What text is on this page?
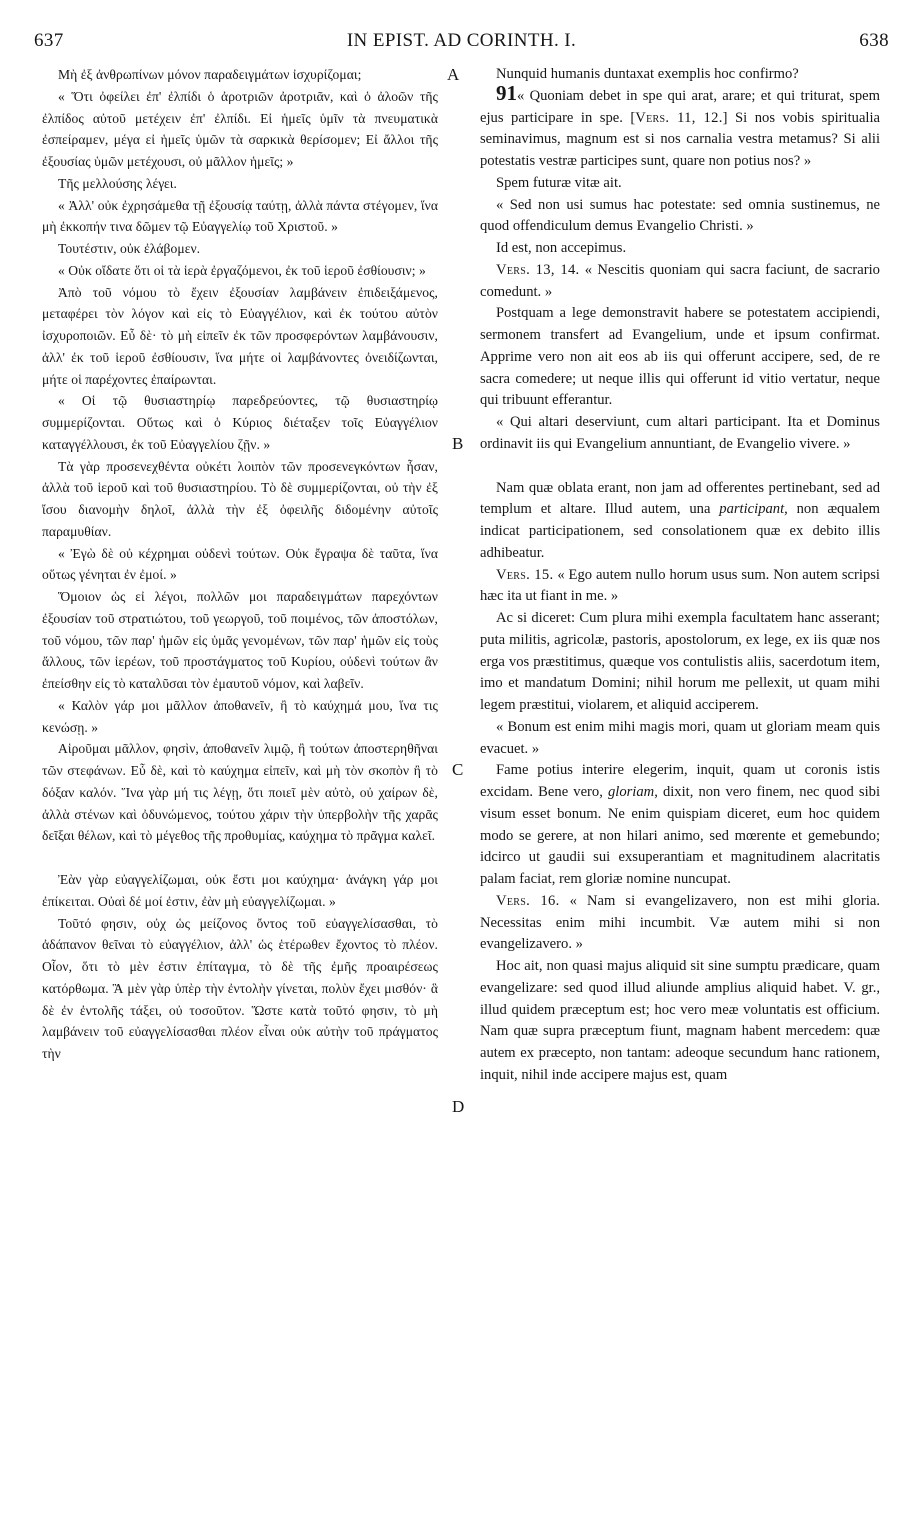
637	IN EPIST. AD CORINTH. I.	638
A
B
C
D

Μὴ ἐξ ἀνθρωπίνων μόνον παραδειγμάτων ἰσχυρίζομαι;

« Ὅτι ὀφείλει ἐπ' ἐλπίδι ὁ ἀροτριῶν ἀροτριᾶν, καὶ ὁ ἀλοῶν τῆς ἐλπίδος αὐτοῦ μετέχειν ἐπ' ἐλπίδι. Εἰ ἡμεῖς ὑμῖν τὰ πνευματικὰ ἐσπείραμεν, μέγα εἰ ἡμεῖς ὑμῶν τὰ σαρκικὰ θερίσομεν; Εἰ ἄλλοι τῆς ἐξουσίας ὑμῶν μετέχουσι, οὐ μᾶλλον ἡμεῖς; »

Τῆς μελλούσης λέγει.

« Ἀλλ' οὐκ ἐχρησάμεθα τῇ ἐξουσίᾳ ταύτῃ, ἀλλὰ πάντα στέγομεν, ἵνα μὴ ἐκκοπήν τινα δῶμεν τῷ Εὐαγγελίῳ τοῦ Χριστοῦ. »

Τουτέστιν, οὐκ ἐλάβομεν.

« Οὐκ οἴδατε ὅτι οἱ τὰ ἱερὰ ἐργαζόμενοι, ἐκ τοῦ ἱεροῦ ἐσθίουσιν; »

Ἀπὸ τοῦ νόμου τὸ ἔχειν ἐξουσίαν λαμβάνειν ἐπιδειξάμενος, μεταφέρει τὸν λόγον καὶ εἰς τὸ Εὐαγγέλιον, καὶ ἐκ τούτου αὐτὸν ἰσχυροποιῶν. Εὖ δὲ· τὸ μὴ εἰπεῖν ἐκ τῶν προσφερόντων λαμβάνουσιν, ἀλλ' ἐκ τοῦ ἱεροῦ ἐσθίουσιν, ἵνα μήτε οἱ λαμβάνοντες ὀνειδίζωνται, μήτε οἱ παρέχοντες ἐπαίρωνται.

« Οἱ τῷ θυσιαστηρίῳ παρεδρεύοντες, τῷ θυσιαστηρίῳ συμμερίζονται. Οὕτως καὶ ὁ Κύριος διέταξεν τοῖς Εὐαγγέλιον καταγγέλλουσι, ἐκ τοῦ Εὐαγγελίου ζῇν. »

Τὰ γὰρ προσενεχθέντα οὐκέτι λοιπὸν τῶν προσενεγκόντων ἦσαν, ἀλλὰ τοῦ ἱεροῦ καὶ τοῦ θυσιαστηρίου. Τὸ δὲ συμμερίζονται, οὐ τὴν ἐξ ἴσου διανομὴν δηλοῖ, ἀλλὰ τὴν ἐξ ὀφειλῆς διδομένην αὐτοῖς παραμυθίαν.

« Ἐγὼ δὲ οὐ κέχρημαι οὐδενὶ τούτων. Οὐκ ἔγραψα δὲ ταῦτα, ἵνα οὕτως γένηται ἐν ἐμοί. »

Ὅμοιον ὡς εἰ λέγοι, πολλῶν μοι παραδειγμάτων παρεχόντων ἐξουσίαν τοῦ στρατιώτου, τοῦ γεωργοῦ, τοῦ ποιμένος, τῶν ἀποστόλων, τοῦ νόμου, τῶν παρ' ἡμῶν εἰς ὑμᾶς γενομένων, τῶν παρ' ἡμῶν εἰς τοὺς ἄλλους, τῶν ἱερέων, τοῦ προστάγματος τοῦ Κυρίου, οὐδενὶ τούτων ἂν ἐπείσθην εἰς τὸ καταλῦσαι τὸν ἐμαυτοῦ νόμον, καὶ λαβεῖν.

« Καλὸν γάρ μοι μᾶλλον ἀποθανεῖν, ἢ τὸ καύχημά μου, ἵνα τις κενώσῃ. »

Αἱροῦμαι μᾶλλον, φησὶν, ἀποθανεῖν λιμῷ, ἢ τούτων ἀποστερηθῆναι τῶν στεφάνων. Εὖ δὲ, καὶ τὸ καύχημα εἰπεῖν, καὶ μὴ τὸν σκοπὸν ἢ τὸ δόξαν καλόν. Ἵνα γὰρ μή τις λέγῃ, ὅτι ποιεῖ μὲν αὐτὸ, οὐ χαίρων δὲ, ἀλλὰ στένων καὶ ὀδυνώμενος, τούτου χάριν τὴν ὑπερβολὴν τῆς χαρᾶς δεῖξαι θέλων, καὶ τὸ μέγεθος τῆς προθυμίας, καύχημα τὸ πρᾶγμα καλεῖ.

Ἐὰν γὰρ εὐαγγελίζωμαι, οὐκ ἔστι μοι καύχημα· ἀνάγκη γάρ μοι ἐπίκειται. Οὐαὶ δέ μοί ἐστιν, ἐὰν μὴ εὐαγγελίζωμαι. »

Τοῦτό φησιν, οὐχ ὡς μείζονος ὄντος τοῦ εὐαγγελίσασθαι, τὸ ἀδάπανον θεῖναι τὸ εὐαγγέλιον, ἀλλ' ὡς ἑτέρωθεν ἔχοντος τὸ πλέον. Οἷον, ὅτι τὸ μὲν ἐστιν ἐπίταγμα, τὸ δὲ τῆς ἐμῆς προαιρέσεως κατόρθωμα. Ἃ μὲν γὰρ ὑπὲρ τὴν ἐντολὴν γίνεται, πολὺν ἔχει μισθόν· ἃ δὲ ἐν ἐντολῆς τάξει, οὐ τοσοῦτον. Ὥστε κατὰ τοῦτό φησιν, τὸ μὴ λαμβάνειν τοῦ εὐαγγελίσασθαι πλέον εἶναι οὐκ αὐτὴν τοῦ πράγματος τὴν

Nunquid humanis duntaxat exemplis hoc confirmo?

91« Quoniam debet in spe qui arat, arare; et qui triturat, spem ejus participare in spe. [Vers. 11, 12.] Si nos vobis spiritualia seminavimus, magnum est si nos carnalia vestra metamus? Si alii potestatis vestræ participes sunt, quare non potius nos? »

Spem futuræ vitæ ait.

« Sed non usi sumus hac potestate: sed omnia sustinemus, ne quod offendiculum demus Evangelio Christi. »

Id est, non accepimus.

Vers. 13, 14. « Nescitis quoniam qui sacra faciunt, de sacrario comedunt. »

Postquam a lege demonstravit habere se potestatem accipiendi, sermonem transfert ad Evangelium, unde et ipsum confirmat. Apprime vero non ait eos ab iis qui offerunt accipere, sed, de re sacra comedere; ut neque illis qui offerunt id vitio vertatur, neque qui tribuunt efferantur.

« Qui altari deserviunt, cum altari participant. Ita et Dominus ordinavit iis qui Evangelium annuntiant, de Evangelio vivere. »

Nam quæ oblata erant, non jam ad offerentes pertinebant, sed ad templum et altare. Illud autem, una participant, non æqualem indicat participationem, sed consolationem quæ ex debito illis adhibeatur.

Vers. 15. « Ego autem nullo horum usus sum. Non autem scripsi hæc ita ut fiant in me. »

Ac si diceret: Cum plura mihi exempla facultatem hanc asserant; puta militis, agricolæ, pastoris, apostolorum, ex lege, ex iis quæ nos erga vos præstitimus, quæque vos contulistis aliis, sacerdotum item, imo et mandatum Domini; nihil horum me pellexit, ut quam mihi legem præstitui, violarem, et aliquid acciperem.

« Bonum est enim mihi magis mori, quam ut gloriam meam quis evacuet. »

Fame potius interire elegerim, inquit, quam ut coronis istis excidam. Bene vero, gloriam, dixit, non vero finem, nec quod sibi visum esset bonum. Ne enim quispiam diceret, eum hoc quidem modo se gerere, at non hilari animo, sed mœrente et gemebundo; idcirco ut gaudii sui exsuperantiam et magnitudinem alacritatis palam faciat, rem gloriæ nomine nuncupat.

Vers. 16. « Nam si evangelizavero, non est mihi gloria. Necessitas enim mihi incumbit. Væ autem mihi si non evangelizavero. »

Hoc ait, non quasi majus aliquid sit sine sumptu prædicare, quam evangelizare: sed quod illud aliunde amplius aliquid habet. V. gr., illud quidem præceptum est; hoc vero meæ voluntatis est officium. Nam quæ supra præceptum fiunt, magnam habent mercedem: quæ autem ex præcepto, non tantam: adeoque secundum hanc rationem, inquit, nihil inde accipere majus est, quam
